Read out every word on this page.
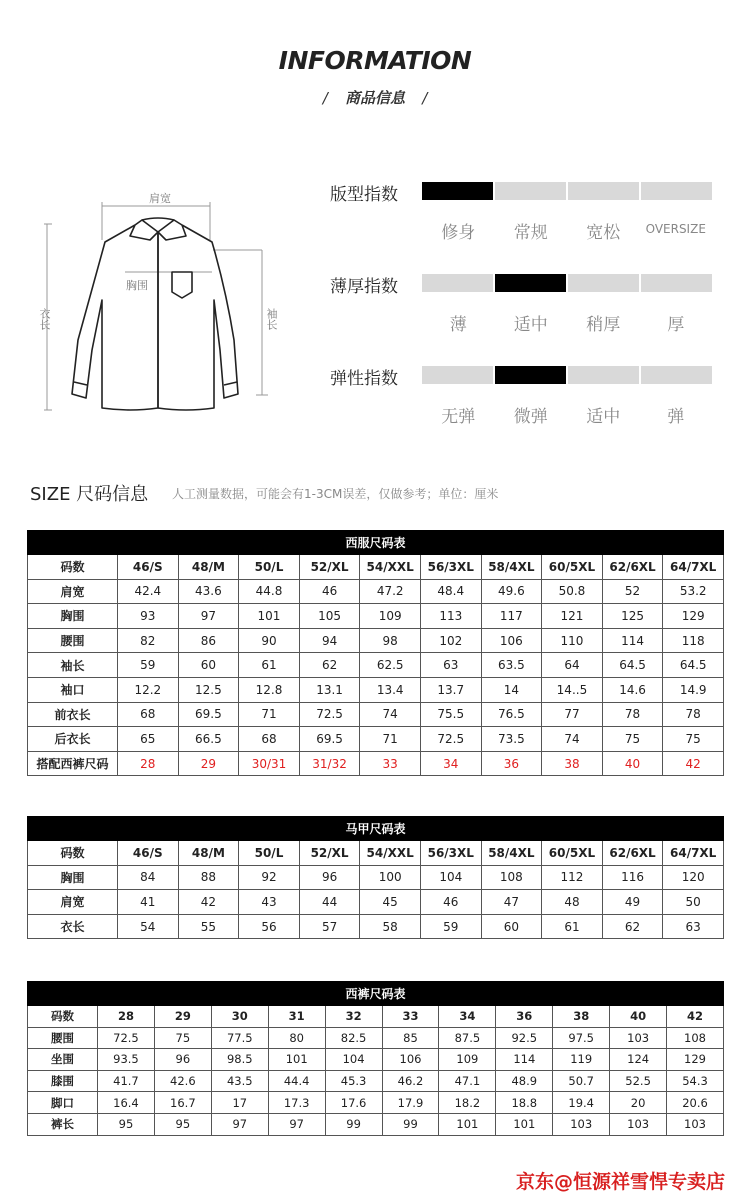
INFORMATION
/ 商品信息 /
肩宽
胸围
衣长	袖长
版型指数
修身	常规	宽松	OVERSIZE
薄厚指数
薄	适中	稍厚	厚
弹性指数
无弹	微弹	适中	弹
SIZE 尺码信息 人工测量数据，可能会有1-3CM误差，仅做参考；单位：厘米
西服尺码表										
码数	46/S	48/M	50/L	52/XL	54/XXL	56/3XL	58/4XL	60/5XL	62/6XL	64/7XL
肩宽	42.4	43.6	44.8	46	47.2	48.4	49.6	50.8	52	53.2
胸围	93	97	101	105	109	113	117	121	125	129
腰围	82	86	90	94	98	102	106	110	114	118
袖长	59	60	61	62	62.5	63	63.5	64	64.5	64.5
袖口	12.2	12.5	12.8	13.1	13.4	13.7	14	14..5	14.6	14.9
前衣长	68	69.5	71	72.5	74	75.5	76.5	77	78	78
后衣长	65	66.5	68	69.5	71	72.5	73.5	74	75	75
搭配西裤尺码	28	29	30/31	31/32	33	34	36	38	40	42
马甲尺码表										
码数	46/S	48/M	50/L	52/XL	54/XXL	56/3XL	58/4XL	60/5XL	62/6XL	64/7XL
胸围	84	88	92	96	100	104	108	112	116	120
肩宽	41	42	43	44	45	46	47	48	49	50
衣长	54	55	56	57	58	59	60	61	62	63
西裤尺码表											
码数	28	29	30	31	32	33	34	36	38	40	42
腰围	72.5	75	77.5	80	82.5	85	87.5	92.5	97.5	103	108
坐围	93.5	96	98.5	101	104	106	109	114	119	124	129
膝围	41.7	42.6	43.5	44.4	45.3	46.2	47.1	48.9	50.7	52.5	54.3
脚口	16.4	16.7	17	17.3	17.6	17.9	18.2	18.8	19.4	20	20.6
裤长	95	95	97	97	99	99	101	101	103	103	103
京东@恒源祥雪悍专卖店
